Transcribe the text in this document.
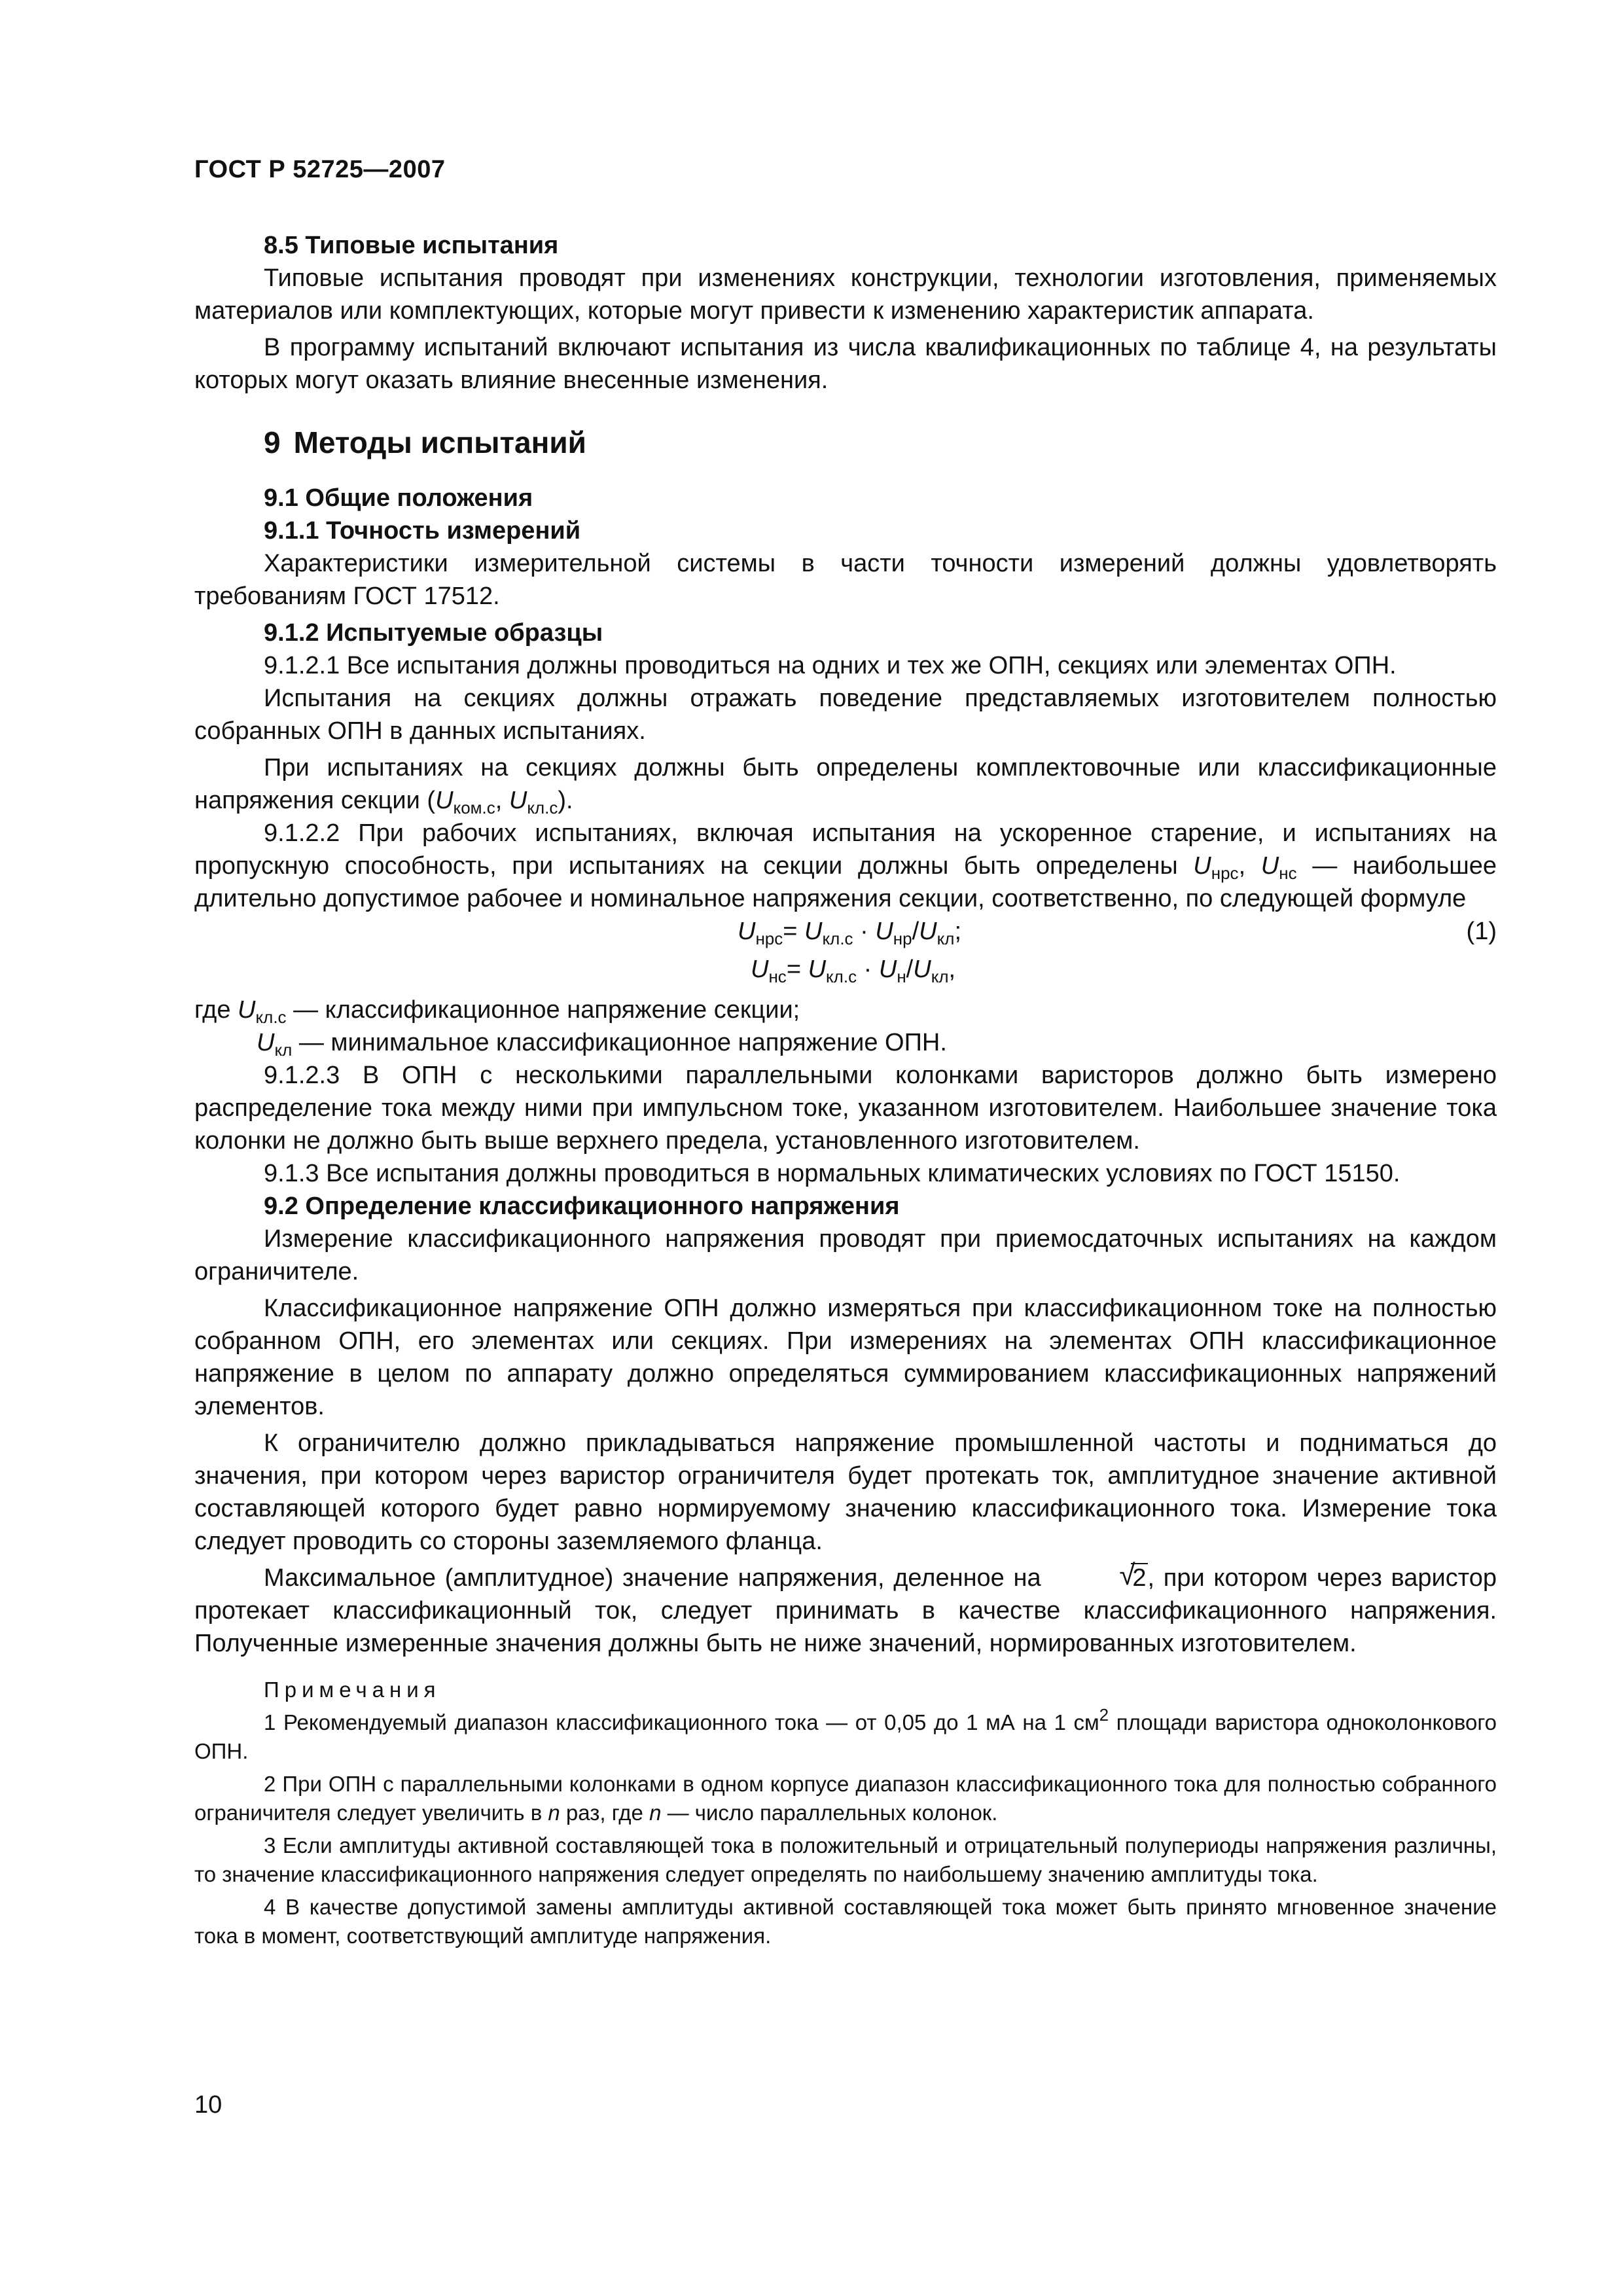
ГОСТ Р 52725—2007

8.5 Типовые испытания

Типовые испытания проводят при изменениях конструкции, технологии изготовления, применяемых материалов или комплектующих, которые могут привести к изменению характеристик аппарата.

В программу испытаний включают испытания из числа квалификационных по таблице 4, на результаты которых могут оказать влияние внесенные изменения.

9 Методы испытаний

9.1 Общие положения

9.1.1 Точность измерений

Характеристики измерительной системы в части точности измерений должны удовлетворять требованиям ГОСТ 17512.

9.1.2 Испытуемые образцы

9.1.2.1 Все испытания должны проводиться на одних и тех же ОПН, секциях или элементах ОПН.

Испытания на секциях должны отражать поведение представляемых изготовителем полностью собранных ОПН в данных испытаниях.

При испытаниях на секциях должны быть определены комплектовочные или классификационные напряжения секции ($U_{ком.с}$, $U_{кл.с}$).

9.1.2.2 При рабочих испытаниях, включая испытания на ускоренное старение, и испытаниях на пропускную способность, при испытаниях на секции должны быть определены $U_{нрс}$, $U_{нс}$ — наибольшее длительно допустимое рабочее и номинальное напряжения секции, соответственно, по следующей формуле

$U_{нрс}= U_{кл.с} \cdot U_{нр}/U_{кл}$;
$U_{нс}= U_{кл.с} \cdot U_н/U_{кл}$,
(1)

где $U_{кл.с}$ — классификационное напряжение секции;

$U_{кл}$ — минимальное классификационное напряжение ОПН.

9.1.2.3 В ОПН с несколькими параллельными колонками варисторов должно быть измерено распределение тока между ними при импульсном токе, указанном изготовителем. Наибольшее значение тока колонки не должно быть выше верхнего предела, установленного изготовителем.

9.1.3 Все испытания должны проводиться в нормальных климатических условиях по ГОСТ 15150.

9.2 Определение классификационного напряжения

Измерение классификационного напряжения проводят при приемосдаточных испытаниях на каждом ограничителе.

Классификационное напряжение ОПН должно измеряться при классификационном токе на полностью собранном ОПН, его элементах или секциях. При измерениях на элементах ОПН классификационное напряжение в целом по аппарату должно определяться суммированием классификационных напряжений элементов.

К ограничителю должно прикладываться напряжение промышленной частоты и подниматься до значения, при котором через варистор ограничителя будет протекать ток, амплитудное значение активной составляющей которого будет равно нормируемому значению классификационного тока. Измерение тока следует проводить со стороны заземляемого фланца.

Максимальное (амплитудное) значение напряжения, деленное на	√
2, при котором через варистор протекает классификационный ток, следует принимать в качестве классификационного напряжения. Полученные измеренные значения должны быть не ниже значений, нормированных изготовителем.

Примечания

1 Рекомендуемый диапазон классификационного тока — от 0,05 до 1 мА на 1 $см^2$ площади варистора одноколонкового ОПН.

2 При ОПН с параллельными колонками в одном корпусе диапазон классификационного тока для полностью собранного ограничителя следует увеличить в n раз, где n — число параллельных колонок.

3 Если амплитуды активной составляющей тока в положительный и отрицательный полупериоды напряжения различны, то значение классификационного напряжения следует определять по наибольшему значению амплитуды тока.

4 В качестве допустимой замены амплитуды активной составляющей тока может быть принято мгновенное значение тока в момент, соответствующий амплитуде напряжения.

10
